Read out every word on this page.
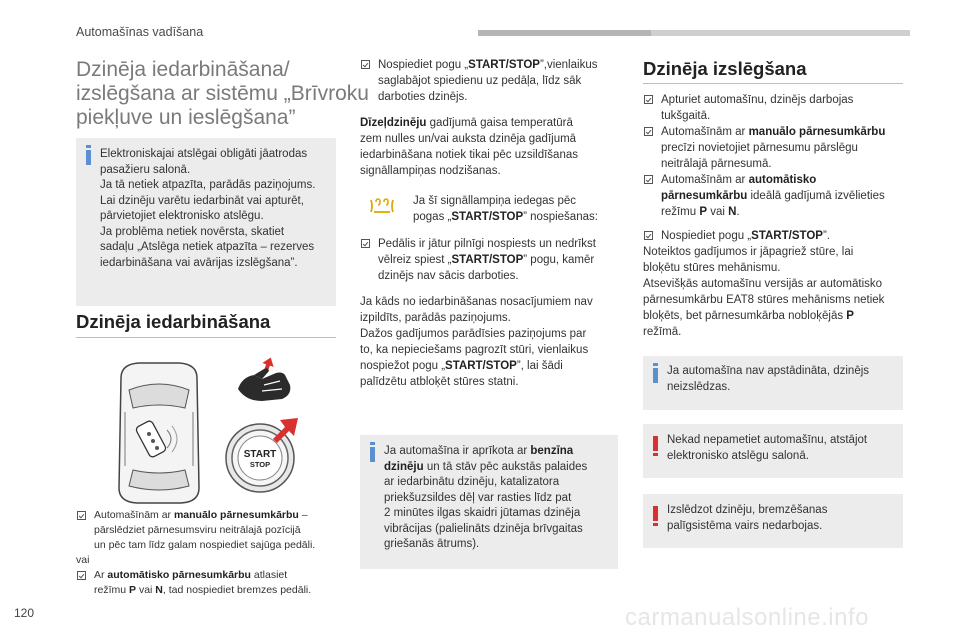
Automašīnas vadīšana
Dzinēja iedarbināšana/
izslēgšana ar sistēmu „Brīvroku
piekļuve un ieslēgšana”
Elektroniskajai atslēgai obligāti jāatrodas
pasažieru salonā.
Ja tā netiek atpazīta, parādās paziņojums.
Lai dzinēju varētu iedarbināt vai apturēt,
pārvietojiet elektronisko atslēgu.
Ja problēma netiek novērsta, skatiet
sadaļu „Atslēga netiek atpazīta – rezerves
iedarbināšana vai avārijas izslēgšana”.
Dzinēja iedarbināšana
START
STOP
Automašīnām ar manuālo pārnesumkārbu –
pārslēdziet pārnesumsviru neitrālajā pozīcijā
un pēc tam līdz galam nospiediet sajūga pedāli.
vai
Ar automātisko pārnesumkārbu atlasiet
režīmu P vai N, tad nospiediet bremzes pedāli.
Nospiediet pogu „START/STOP”,vienlaikus
saglabājot spiedienu uz pedāļa, līdz sāk
darboties dzinējs.
Dīzeļdzinēju gadījumā gaisa temperatūrā
zem nulles un/vai auksta dzinēja gadījumā
iedarbināšana notiek tikai pēc uzsildīšanas
signāllampiņas nodzišanas.
Ja šī signāllampiņa iedegas pēc
pogas „START/STOP” nospiešanas:
Pedālis ir jātur pilnīgi nospiests un nedrīkst
vēlreiz spiest „START/STOP” pogu, kamēr
dzinējs nav sācis darboties.
Ja kāds no iedarbināšanas nosacījumiem nav
izpildīts, parādās paziņojums.
Dažos gadījumos parādīsies paziņojums par
to, ka nepieciešams pagrozīt stūri, vienlaikus
nospiežot pogu „START/STOP”, lai šādi
palīdzētu atbloķēt stūres statni.
Ja automašīna ir aprīkota ar benzīna
dzinēju un tā stāv pēc aukstās palaides
ar iedarbinātu dzinēju, katalizatora
priekšuzsildes dēļ var rasties līdz pat
2 minūtes ilgas skaidri jūtamas dzinēja
vibrācijas (palielināts dzinēja brīvgaitas
griešanās ātrums).
Dzinēja izslēgšana
Apturiet automašīnu, dzinējs darbojas
tukšgaitā.
Automašīnām ar manuālo pārnesumkārbu
precīzi novietojiet pārnesumu pārslēgu
neitrālajā pārnesumā.
Automašīnām ar automātisko
pārnesumkārbu ideālā gadījumā izvēlieties
režīmu P vai N.
Nospiediet pogu „START/STOP”.
Noteiktos gadījumos ir jāpagriež stūre, lai
bloķētu stūres mehānismu.
Atsevišķās automašīnu versijās ar automātisko
pārnesumkārbu EAT8 stūres mehānisms netiek
bloķēts, bet pārnesumkārba nobloķējās P
režīmā.
Ja automašīna nav apstādināta, dzinējs
neizslēdzas.
Nekad nepametiet automašīnu, atstājot
elektronisko atslēgu salonā.
Izslēdzot dzinēju, bremzēšanas
palīgsistēma vairs nedarbojas.
120	carmanualsonline.info
